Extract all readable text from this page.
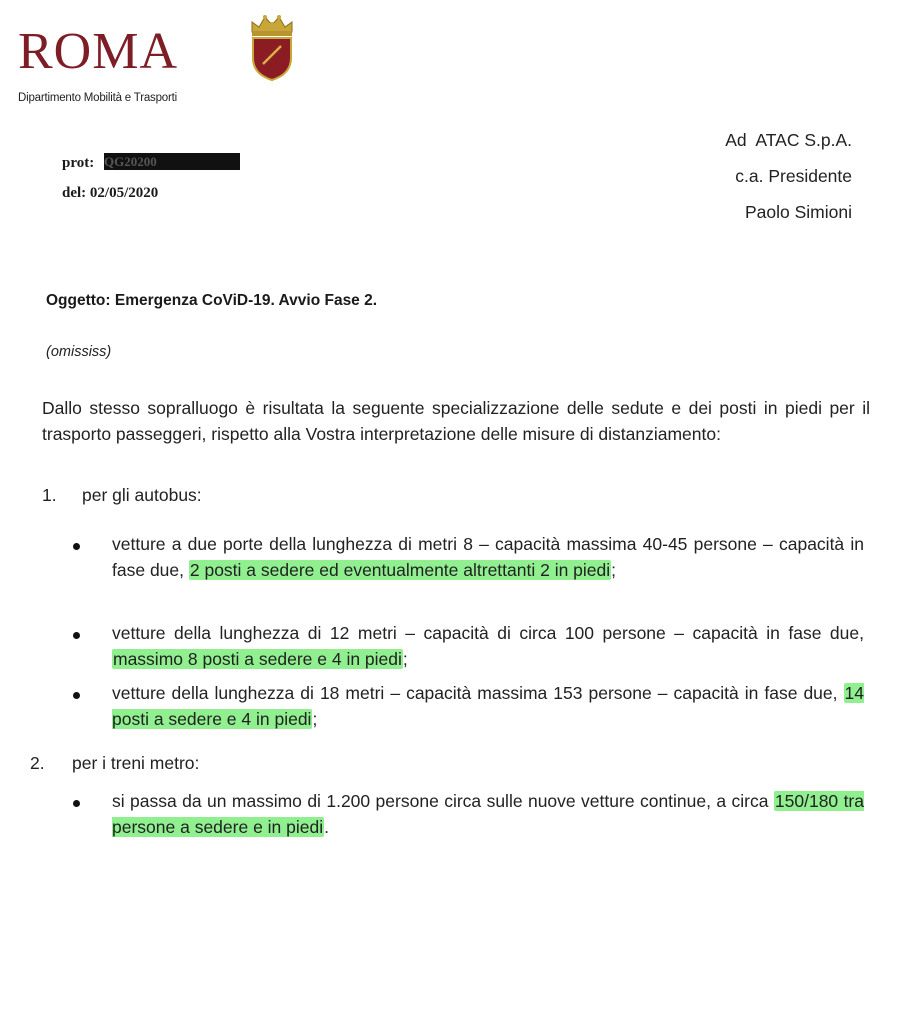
ROMA
Dipartimento Mobilità e Trasporti
prot: QG20200
del: 02/05/2020
Ad  ATAC S.p.A.
c.a. Presidente
Paolo Simioni
Oggetto: Emergenza CoViD-19. Avvio Fase 2.
(omississ)
Dallo stesso sopralluogo è risultata la seguente specializzazione delle sedute e dei posti in piedi per il trasporto passeggeri, rispetto alla Vostra interpretazione delle misure di distanziamento:
1. per gli autobus:
vetture a due porte della lunghezza di metri 8 – capacità massima 40-45 persone – capacità in fase due, 2 posti a sedere ed eventualmente altrettanti 2 in piedi;
vetture della lunghezza di 12 metri – capacità di circa 100 persone – capacità in fase due, massimo 8 posti a sedere e 4 in piedi;
vetture della lunghezza di 18 metri – capacità massima 153 persone – capacità in fase due, 14 posti a sedere e 4 in piedi;
2. per i treni metro:
si passa da un massimo di 1.200 persone circa sulle nuove vetture continue, a circa 150/180 tra persone a sedere e in piedi.
